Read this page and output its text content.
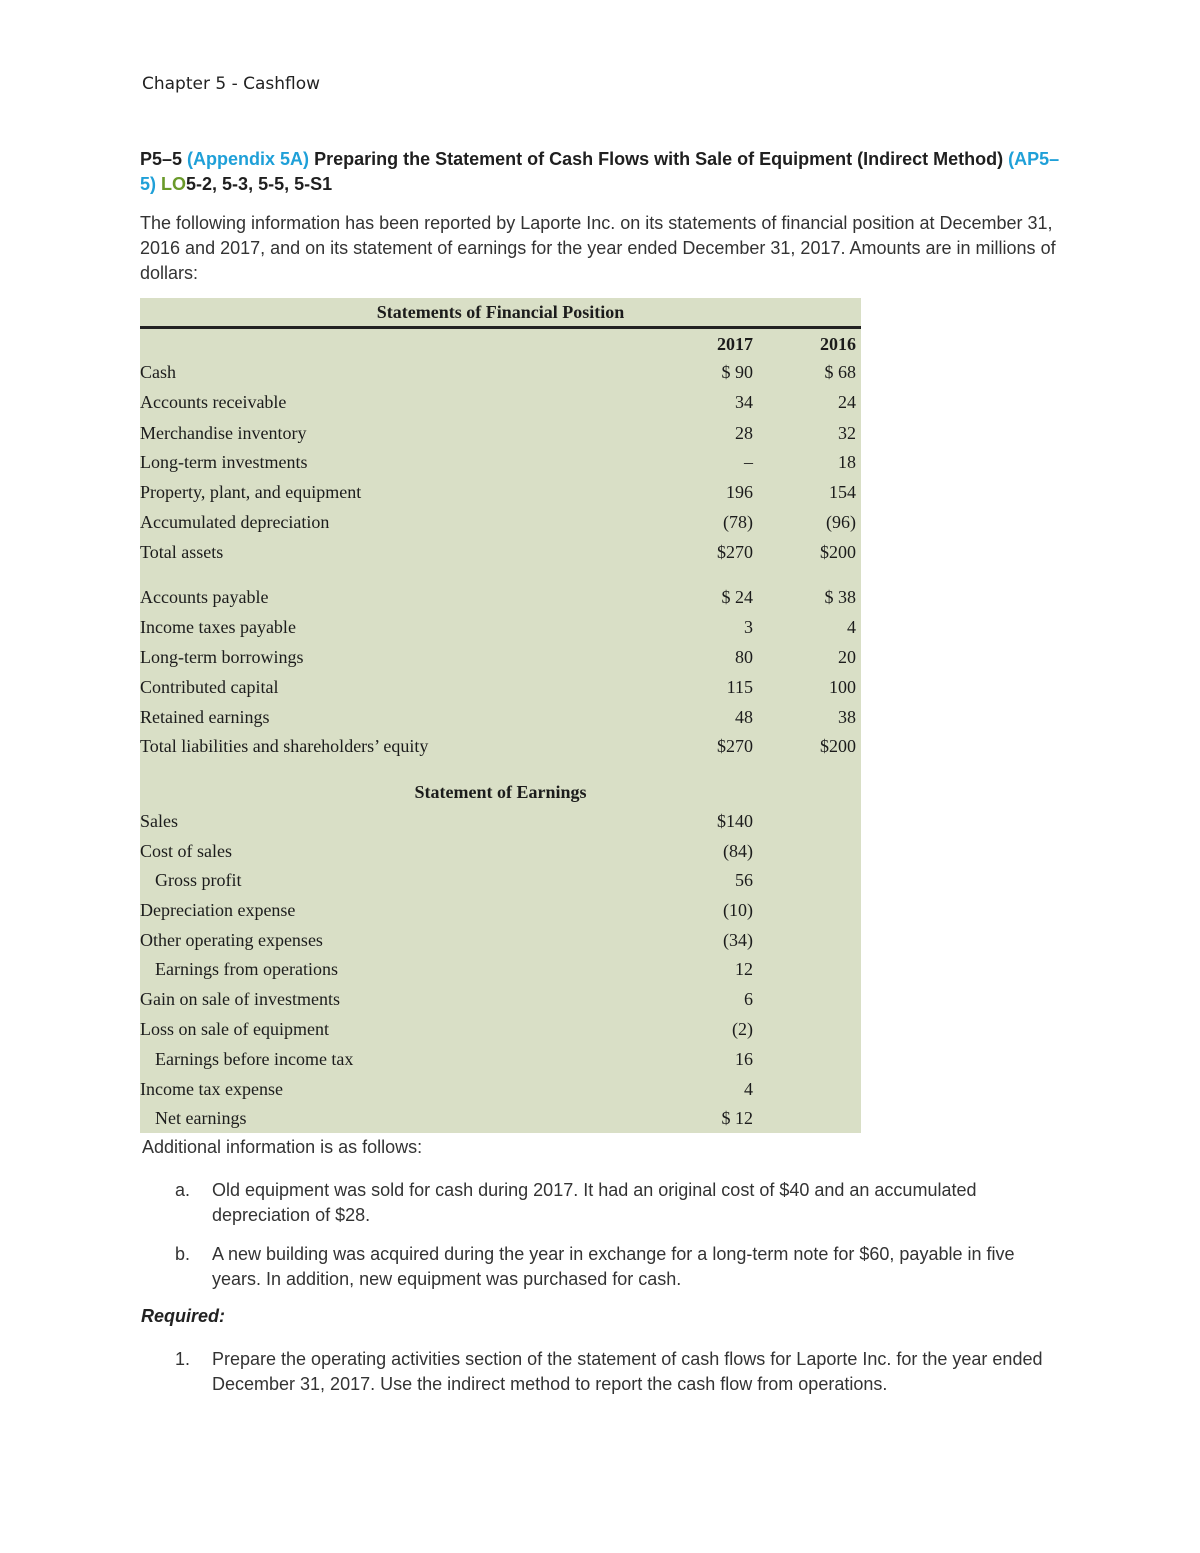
Chapter 5 - Cashflow
P5–5 (Appendix 5A) Preparing the Statement of Cash Flows with Sale of Equipment (Indirect Method) (AP5–5) LO5-2, 5-3, 5-5, 5-S1
The following information has been reported by Laporte Inc. on its statements of financial position at December 31, 2016 and 2017, and on its statement of earnings for the year ended December 31, 2017. Amounts are in millions of dollars:
Statements of Financial Position
2017	2016
Cash	$ 90	$ 68
Accounts receivable	34	24
Merchandise inventory	28	32
Long-term investments	–	18
Property, plant, and equipment	196	154
Accumulated depreciation	(78)	(96)
Total assets	$270	$200
Accounts payable	$ 24	$ 38
Income taxes payable	3	4
Long-term borrowings	80	20
Contributed capital	115	100
Retained earnings	48	38
Total liabilities and shareholders’ equity	$270	$200
Statement of Earnings
Sales	$140
Cost of sales	(84)
Gross profit	56
Depreciation expense	(10)
Other operating expenses	(34)
Earnings from operations	12
Gain on sale of investments	6
Loss on sale of equipment	(2)
Earnings before income tax	16
Income tax expense	4
Net earnings	$ 12
Additional information is as follows:
a. Old equipment was sold for cash during 2017. It had an original cost of $40 and an accumulated depreciation of $28.
b. A new building was acquired during the year in exchange for a long-term note for $60, payable in five years. In addition, new equipment was purchased for cash.
Required:
1. Prepare the operating activities section of the statement of cash flows for Laporte Inc. for the year ended December 31, 2017. Use the indirect method to report the cash flow from operations.
